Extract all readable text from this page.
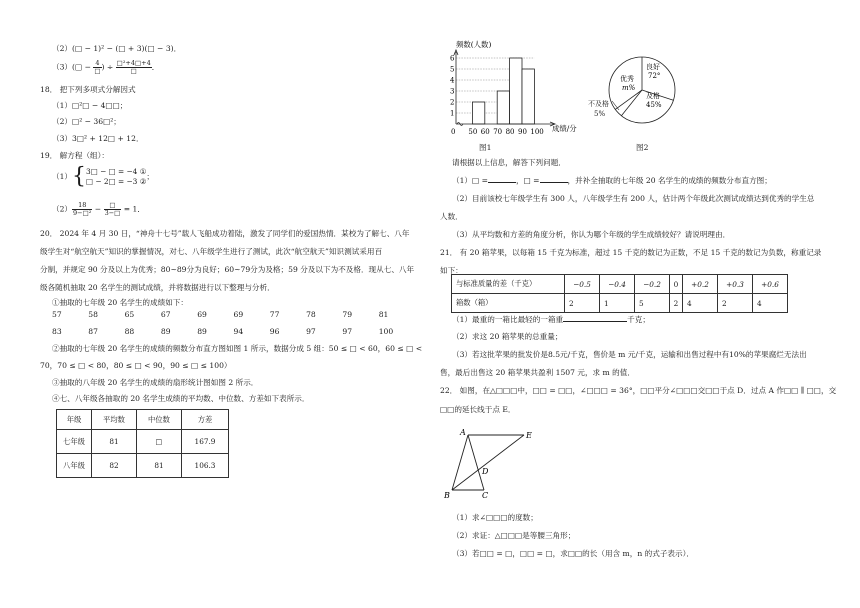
（2）(□ − 1)² − (□ + 3)(□ − 3)．
（3）(□ − $\frac{4}{□}$ ) ÷ $\frac{\text{□²+4□+4}}{□}$ ．
18． 把下列多项式分解因式
（1）□²□ − 4□□；
（2）□² − 36□²；
（3）3□² + 12□ + 12．
19． 解方程（组）：
（1）{ 3□ − □ = −4 ①
□ − 2□ = −3 ②
；
$(2) \frac{18}{\text{9−□²}} - \frac{□}{3-□} = 1$．
20． 2024 年 4 月 30 日，“神舟十七号”载人飞船成功着陆，激发了同学们的爱国热情．某校为了解七、八年
级学生对“航空航天”知识的掌握情况，对七、八年级学生进行了测试，此次“航空航天”知识测试采用百
分制，并规定 90 分及以上为优秀；80~89分为良好；60~79分为及格；59 分及以下为不及格．现从七、八年
级各随机抽取 20 名学生的测试成绩，并将数据进行以下整理与分析．
①抽取的七年级 20 名学生的成绩如下：
57	58	65	67	69	69	77	78	79	81
83	87	88	89	89	94	96	97	97	100
②抽取的七年级 20 名学生的成绩的频数分布直方图如图 1 所示，数据分成 5 组：50 ≤ □ < 60，60 ≤ □ <
70，70 ≤ □ < 80，80 ≤ □ < 90，90 ≤ □ ≤ 100）
③抽取的八年级 20 名学生的成绩的扇形统计图如图 2 所示．
④七、八年级各抽取的 20 名学生成绩的平均数、中位数、方差如下表所示．
年级	平均数	中位数	方差
七年级	81	□	167.9
八年级	82	81	106.3
频数(人数)
成绩/分
1
2
3
4
5
6
0 50 60 70 80 90 100
图1
良好
72°
优秀
m%
及格
45%
不及格
5%
图2
请根据以上信息，解答下列问题．
（1）□ =	，□ =	，并补全抽取的七年级 20 名学生的成绩的频数分布直方图；
（2）目前该校七年级学生有 300 人，八年级学生有 200 人，估计两个年级此次测试成绩达到优秀的学生总
人数．
（3）从平均数和方差的角度分析，你认为哪个年级的学生成绩较好？请说明理由．
21． 有 20 箱苹果，以每箱 15 千克为标准，超过 15 千克的数记为正数，不足 15 千克的数记为负数，称重记录
如下：
与标准质量的差（千克）	−0.5	−0.4	−0.2	0	+0.2	+0.3	+0.6
箱数（箱）	2	1	5	2	4	2	4
（1）最重的一箱比最轻的一箱重	千克；
（2）求这 20 箱苹果的总重量；
（3）若这批苹果的批发价是8.5元/千克，售价是 m 元/千克，运输和出售过程中有10%的苹果腐烂无法出
售，最后出售这 20 箱苹果共盈利 1507 元，求 m 的值．
22． 如图，在△□□□中，□□ = □□，∠□□□ = 36°，□□平分∠□□□交□□于点 D．过点 A 作□□ ∥ □□，交
□□的延长线于点 E．
A
B	C
D
E
（1）求∠□□□的度数；
（2）求证：△□□□是等腰三角形；
（3）若□□ = □，□□ = □，求□□的长（用含 m，n 的式子表示）．
